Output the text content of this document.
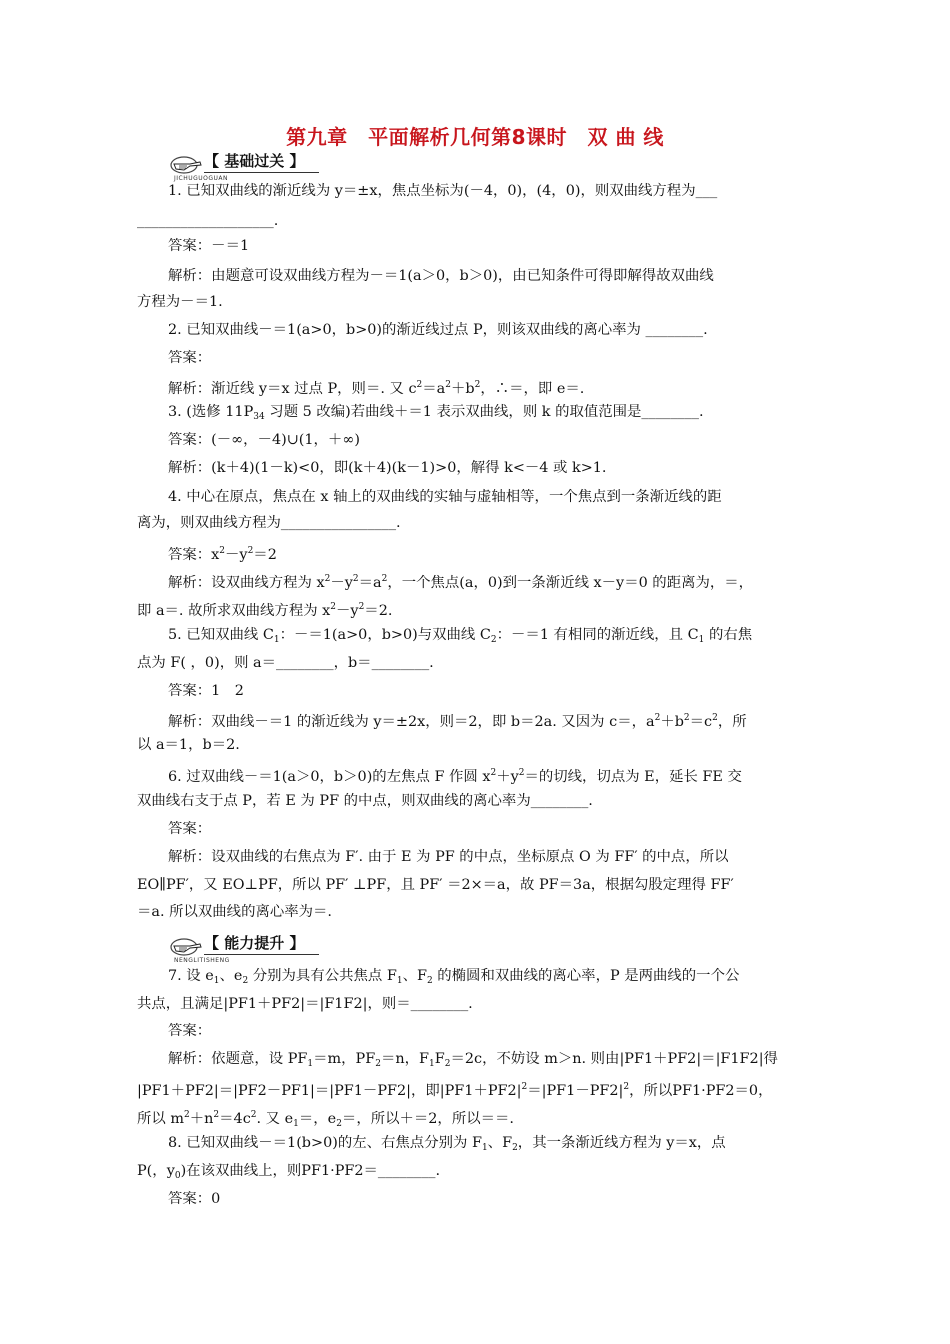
第九章　平面解析几何第8课时　双 曲 线
【 基础过关 】
JICHUGUOGUAN
1. 已知双曲线的渐近线为 y＝±x，焦点坐标为(－4，0)，(4，0)，则双曲线方程为___
___________________.
答案：－＝1
解析：由题意可设双曲线方程为－＝1(a＞0，b＞0)，由已知条件可得即解得故双曲线
方程为－＝1.
2. 已知双曲线－＝1(a>0，b>0)的渐近线过点 P，则该双曲线的离心率为 ________.
答案：
解析：渐近线 y＝x 过点 P，则＝. 又 $c^2=a^2+b^2$，∴＝，即 e＝.
3. (选修 $11P_{34}$ 习题 5 改编)若曲线＋＝1 表示双曲线，则 k 的取值范围是________.
答案：(－∞，－4)∪(1，＋∞)
解析：(k＋4)(1－k)<0，即(k＋4)(k－1)>0，解得 k<－4 或 k>1.
4. 中心在原点，焦点在 x 轴上的双曲线的实轴与虚轴相等，一个焦点到一条渐近线的距
离为，则双曲线方程为________________.
答案：$x^2-y^2=2$
解析：设双曲线方程为 $x^2-y^2=a^2$，一个焦点(a，0)到一条渐近线 x－y＝0 的距离为，＝，
即 a＝. 故所求双曲线方程为 $x^2-y^2=2$.
5. 已知双曲线 $C_1$：－＝1(a>0，b>0)与双曲线 $C_2$：－＝1 有相同的渐近线，且 $C_1$ 的右焦
点为 F( ，0)，则 a＝________，b＝________.
答案：1　2
解析：双曲线－＝1 的渐近线为 y＝±2x，则＝2，即 b＝2a. 又因为 c＝，$a^2+b^2=c^2$，所
以 a＝1，b＝2.
6. 过双曲线－＝1(a＞0，b＞0)的左焦点 F 作圆 $x^2+y^2=$的切线，切点为 E，延长 FE 交
双曲线右支于点 P，若 E 为 PF 的中点，则双曲线的离心率为________.
答案：
解析：设双曲线的右焦点为 F′. 由于 E 为 PF 的中点，坐标原点 O 为 FF′ 的中点，所以
EO∥PF′，又 EO⊥PF，所以 PF′ ⊥PF，且 PF′ ＝2×＝a，故 PF＝3a，根据勾股定理得 FF′
＝a. 所以双曲线的离心率为＝.
【 能力提升 】
NENGLITISHENG
7. 设 $e_1$、$e_2$ 分别为具有公共焦点 $F_1$、$F_2$ 的椭圆和双曲线的离心率，P 是两曲线的一个公
共点，且满足|PF1＋PF2|＝|F1F2|，则＝________.
答案：
解析：依题意，设 $PF_1=m$，$PF_2=n$，$F_1F_2=2c$，不妨设 m＞n. 则由|PF1＋PF2|＝|F1F2|得
|PF1＋PF2|＝|PF2－PF1|＝|PF1－PF2|，即$|PF1+PF2|^2=|PF1-PF2|^2$，所以PF1·PF2＝0，
所以 $m^2+n^2=4c^2$. 又 $e_1=$，$e_2=$，所以＋＝2，所以＝＝.
8. 已知双曲线－＝1(b>0)的左、右焦点分别为 $F_1$、$F_2$，其一条渐近线方程为 y＝x，点
P(，$y_0$)在该双曲线上，则PF1·PF2＝________.
答案：0
